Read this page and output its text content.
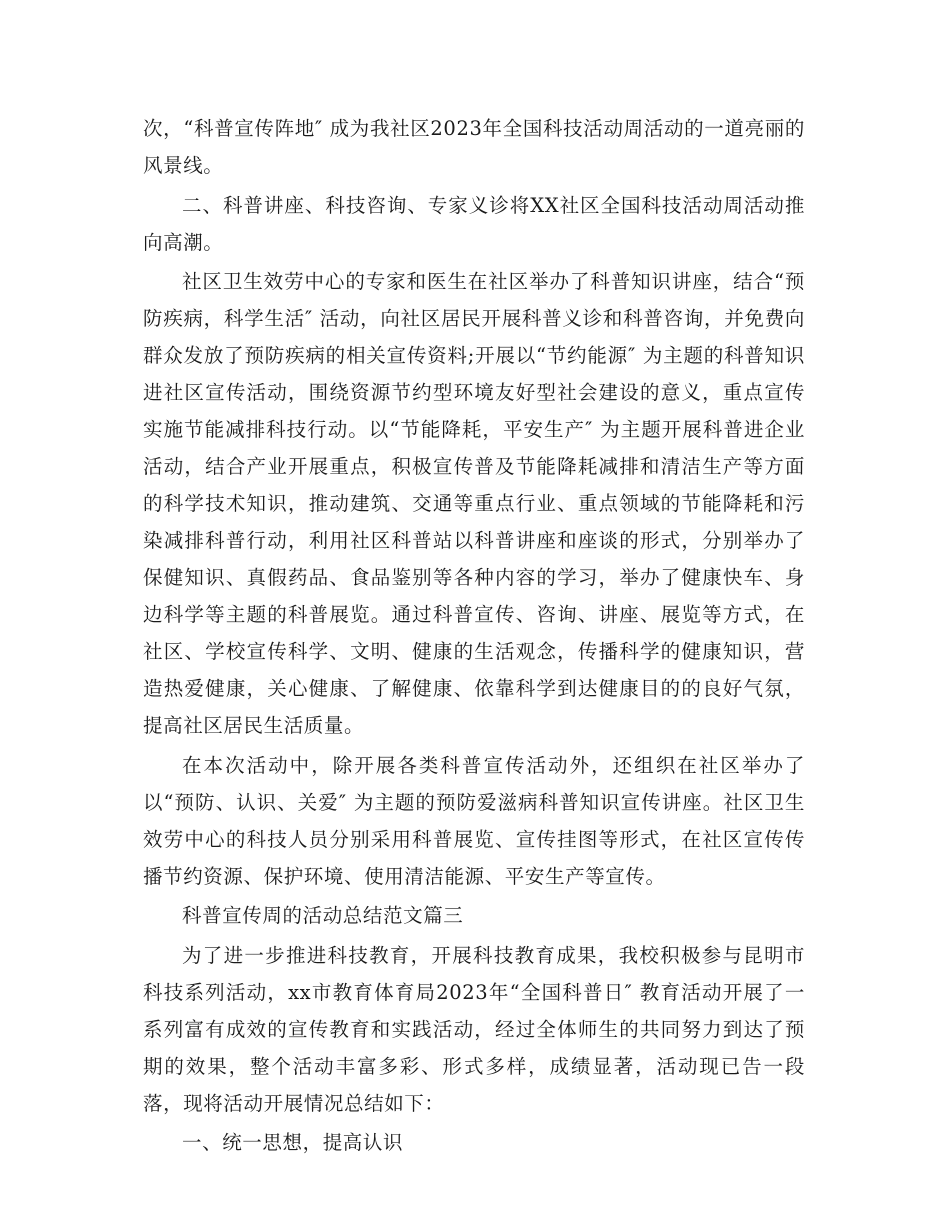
次，“科普宣传阵地″ 成为我社区2023年全国科技活动周活动的一道亮丽的风景线。

二、科普讲座、科技咨询、专家义诊将XX社区全国科技活动周活动推向高潮。

社区卫生效劳中心的专家和医生在社区举办了科普知识讲座，结合“预防疾病，科学生活″ 活动，向社区居民开展科普义诊和科普咨询，并免费向群众发放了预防疾病的相关宣传资料;开展以“节约能源″ 为主题的科普知识进社区宣传活动，围绕资源节约型环境友好型社会建设的意义，重点宣传实施节能减排科技行动。以“节能降耗，平安生产″ 为主题开展科普进企业活动，结合产业开展重点，积极宣传普及节能降耗减排和清洁生产等方面的科学技术知识，推动建筑、交通等重点行业、重点领域的节能降耗和污染减排科普行动，利用社区科普站以科普讲座和座谈的形式，分别举办了保健知识、真假药品、食品鉴别等各种内容的学习，举办了健康快车、身边科学等主题的科普展览。通过科普宣传、咨询、讲座、展览等方式，在社区、学校宣传科学、文明、健康的生活观念，传播科学的健康知识，营造热爱健康，关心健康、了解健康、依靠科学到达健康目的的良好气氛，提高社区居民生活质量。

在本次活动中，除开展各类科普宣传活动外，还组织在社区举办了以“预防、认识、关爱″ 为主题的预防爱滋病科普知识宣传讲座。社区卫生效劳中心的科技人员分别采用科普展览、宣传挂图等形式，在社区宣传传播节约资源、保护环境、使用清洁能源、平安生产等宣传。

科普宣传周的活动总结范文篇三

为了进一步推进科技教育，开展科技教育成果，我校积极参与昆明市科技系列活动，xx市教育体育局2023年“全国科普日″ 教育活动开展了一系列富有成效的宣传教育和实践活动，经过全体师生的共同努力到达了预期的效果，整个活动丰富多彩、形式多样，成绩显著，活动现已告一段落，现将活动开展情况总结如下：

一、统一思想，提高认识
